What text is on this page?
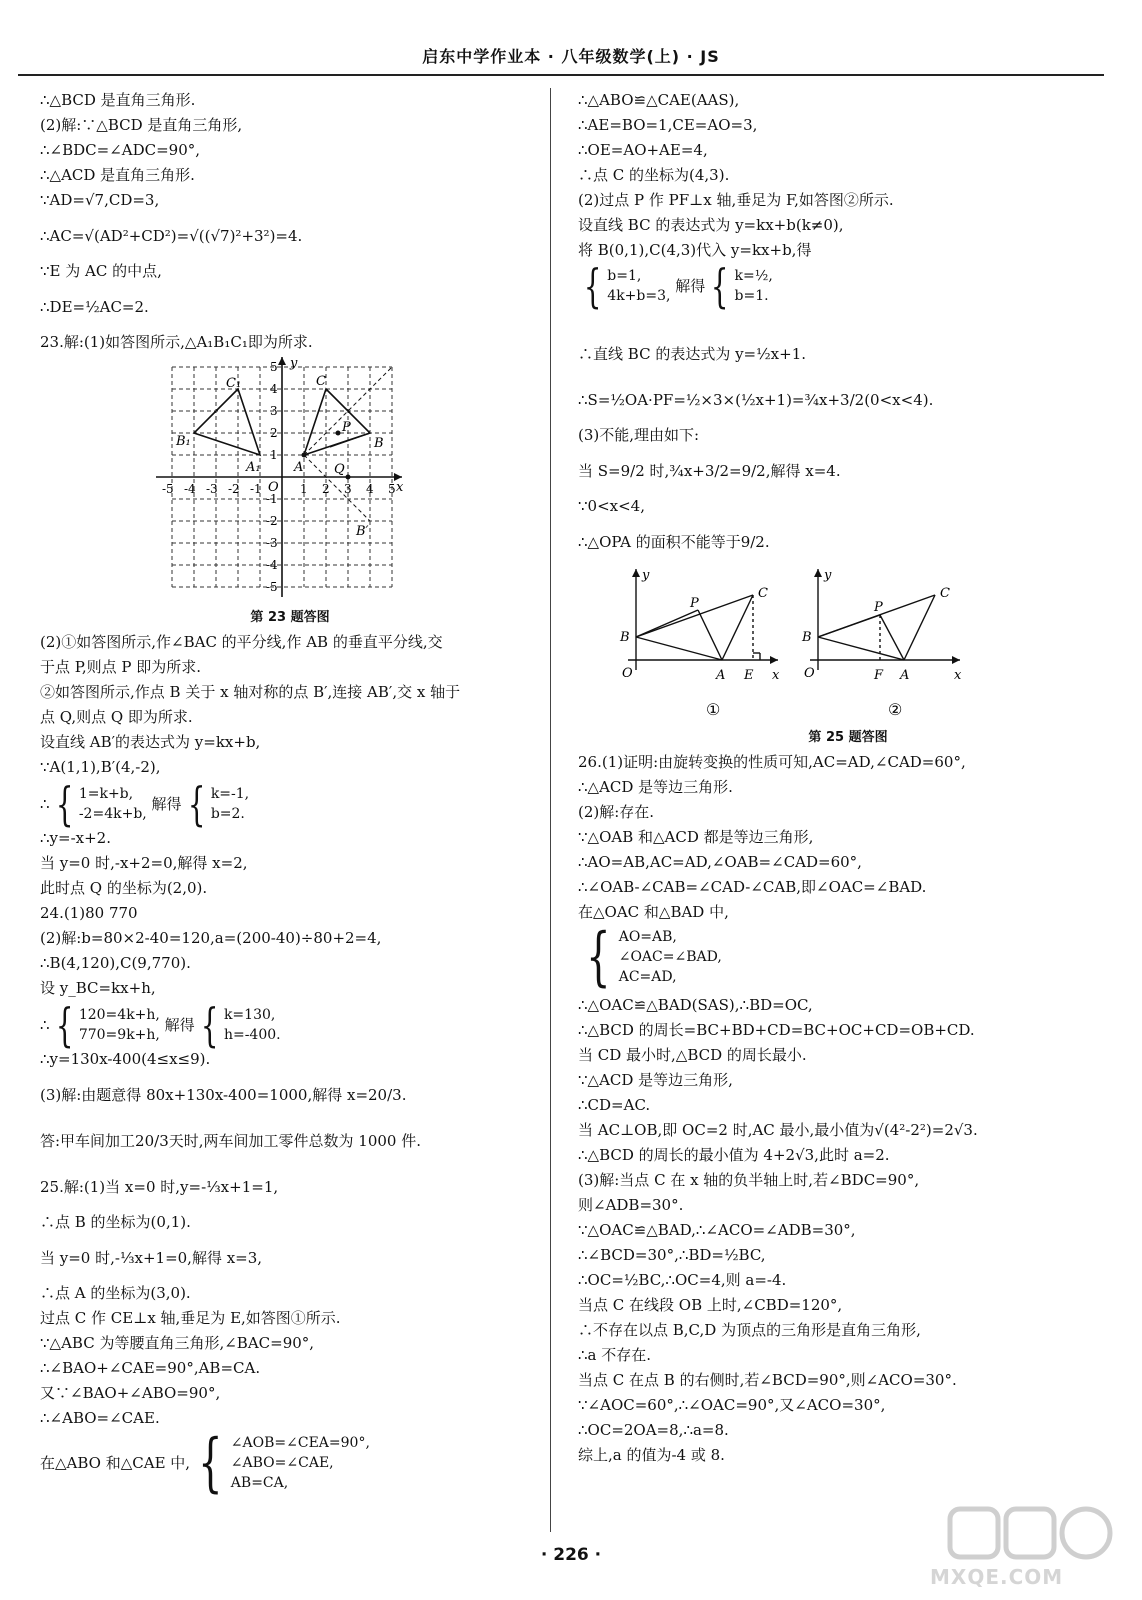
启东中学作业本 · 八年级数学(上) · JS
∴△BCD 是直角三角形.
(2)解:∵△BCD 是直角三角形,
∴∠BDC=∠ADC=90°,
∴△ACD 是直角三角形.
∵AD=√7,CD=3,
∴AC=√(AD²+CD²)=√((√7)²+3²)=4.
∵E 为 AC 的中点,
∴DE=½AC=2.
23.解:(1)如答图所示,△A₁B₁C₁即为所求.
x
y
O
-5 -4 -3 -2 -1	1 2 3 4 5
5
4
3
2
1
-1
-2
-3
-4
-5
C₁
B₁
A₁
C
B
A
P
Q
B′
第 23 题答图
(2)①如答图所示,作∠BAC 的平分线,作 AB 的垂直平分线,交
于点 P,则点 P 即为所求.
②如答图所示,作点 B 关于 x 轴对称的点 B′,连接 AB′,交 x 轴于
点 Q,则点 Q 即为所求.
设直线 AB′的表达式为 y=kx+b,
∵A(1,1),B′(4,-2),
∴ { 1=k+b,
-2=4k+b,

解得 { k=-1,
b=2.
∴y=-x+2.
当 y=0 时,-x+2=0,解得 x=2,
此时点 Q 的坐标为(2,0).
24.(1)80 770
(2)解:b=80×2-40=120,a=(200-40)÷80+2=4,
∴B(4,120),C(9,770).
设 y_BC=kx+h,
∴ { 120=4k+h,
770=9k+h,

解得 { k=130,
h=-400.
∴y=130x-400(4≤x≤9).
(3)解:由题意得 80x+130x-400=1000,解得 x=20/3.
答:甲车间加工20/3天时,两车间加工零件总数为 1000 件.
25.解:(1)当 x=0 时,y=-⅓x+1=1,
∴点 B 的坐标为(0,1).
当 y=0 时,-⅓x+1=0,解得 x=3,
∴点 A 的坐标为(3,0).
过点 C 作 CE⊥x 轴,垂足为 E,如答图①所示.
∵△ABC 为等腰直角三角形,∠BAC=90°,
∴∠BAO+∠CAE=90°,AB=CA.
又∵∠BAO+∠ABO=90°,
∴∠ABO=∠CAE.
在△ABO 和△CAE 中, { ∠AOB=∠CEA=90°,
∠ABO=∠CAE,
AB=CA,
∴△ABO≌△CAE(AAS),
∴AE=BO=1,CE=AO=3,
∴OE=AO+AE=4,
∴点 C 的坐标为(4,3).
(2)过点 P 作 PF⊥x 轴,垂足为 F,如答图②所示.
设直线 BC 的表达式为 y=kx+b(k≠0),
将 B(0,1),C(4,3)代入 y=kx+b,得
{ b=1,
4k+b=3,

解得 { k=½,
b=1.
∴直线 BC 的表达式为 y=½x+1.
∴S=½OA·PF=½×3×(½x+1)=¾x+3/2(0<x<4).
(3)不能,理由如下:
当 S=9/2 时,¾x+3/2=9/2,解得 x=4.
∵0<x<4,
∴△OPA 的面积不能等于9/2.
y
x
O
B
P
C
A E
①
y
x
O
B
P
C
F A
②
第 25 题答图
26.(1)证明:由旋转变换的性质可知,AC=AD,∠CAD=60°,
∴△ACD 是等边三角形.
(2)解:存在.
∵△OAB 和△ACD 都是等边三角形,
∴AO=AB,AC=AD,∠OAB=∠CAD=60°,
∴∠OAB-∠CAB=∠CAD-∠CAB,即∠OAC=∠BAD.
在△OAC 和△BAD 中,
{ AO=AB,
∠OAC=∠BAD,
AC=AD,
∴△OAC≌△BAD(SAS),∴BD=OC,
∴△BCD 的周长=BC+BD+CD=BC+OC+CD=OB+CD.
当 CD 最小时,△BCD 的周长最小.
∵△ACD 是等边三角形,
∴CD=AC.
当 AC⊥OB,即 OC=2 时,AC 最小,最小值为√(4²-2²)=2√3.
∴△BCD 的周长的最小值为 4+2√3,此时 a=2.
(3)解:当点 C 在 x 轴的负半轴上时,若∠BDC=90°,
则∠ADB=30°.
∵△OAC≌△BAD,∴∠ACO=∠ADB=30°,
∴∠BCD=30°,∴BD=½BC,
∴OC=½BC,∴OC=4,则 a=-4.
当点 C 在线段 OB 上时,∠CBD=120°,
∴不存在以点 B,C,D 为顶点的三角形是直角三角形,
∴a 不存在.
当点 C 在点 B 的右侧时,若∠BCD=90°,则∠ACO=30°.
∵∠AOC=60°,∴∠OAC=90°,又∠ACO=30°,
∴OC=2OA=8,∴a=8.
综上,a 的值为-4 或 8.
· 226 ·
MXQE.COM
